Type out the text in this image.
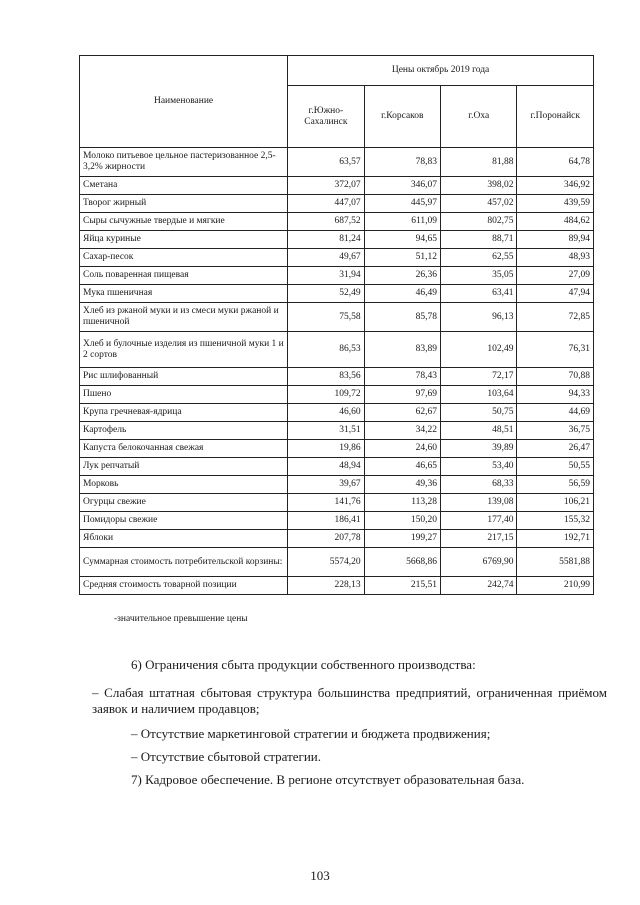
Наименование	Цены октябрь 2019 года			
	г.Южно-Сахалинск	г.Корсаков	г.Оха	г.Поронайск
Молоко питьевое цельное пастеризованное 2,5-3,2% жирности	63,57	78,83	81,88	64,78
Сметана	372,07	346,07	398,02	346,92
Творог жирный	447,07	445,97	457,02	439,59
Сыры сычужные твердые и мягкие	687,52	611,09	802,75	484,62
Яйца куриные	81,24	94,65	88,71	89,94
Сахар-песок	49,67	51,12	62,55	48,93
Соль поваренная пищевая	31,94	26,36	35,05	27,09
Мука пшеничная	52,49	46,49	63,41	47,94
Хлеб из ржаной муки и из смеси муки ржаной и пшеничной	75,58	85,78	96,13	72,85
Хлеб и булочные изделия из пшеничной муки 1 и 2 сортов	86,53	83,89	102,49	76,31
Рис шлифованный	83,56	78,43	72,17	70,88
Пшено	109,72	97,69	103,64	94,33
Крупа гречневая-ядрица	46,60	62,67	50,75	44,69
Картофель	31,51	34,22	48,51	36,75
Капуста белокочанная свежая	19,86	24,60	39,89	26,47
Лук репчатый	48,94	46,65	53,40	50,55
Морковь	39,67	49,36	68,33	56,59
Огурцы свежие	141,76	113,28	139,08	106,21
Помидоры свежие	186,41	150,20	177,40	155,32
Яблоки	207,78	199,27	217,15	192,71
Суммарная стоимость потребительской корзины:	5574,20	5668,86	6769,90	5581,88
Средняя стоимость товарной позиции	228,13	215,51	242,74	210,99
-значительное превышение цены

6) Ограничения сбыта продукции собственного производства:

– Слабая штатная сбытовая структура большинства предприятий, ограниченная приёмом заявок и наличием продавцов;

– Отсутствие маркетинговой стратегии и бюджета продвижения;

– Отсутствие сбытовой стратегии.

7) Кадровое обеспечение. В регионе отсутствует образовательная база.

103
